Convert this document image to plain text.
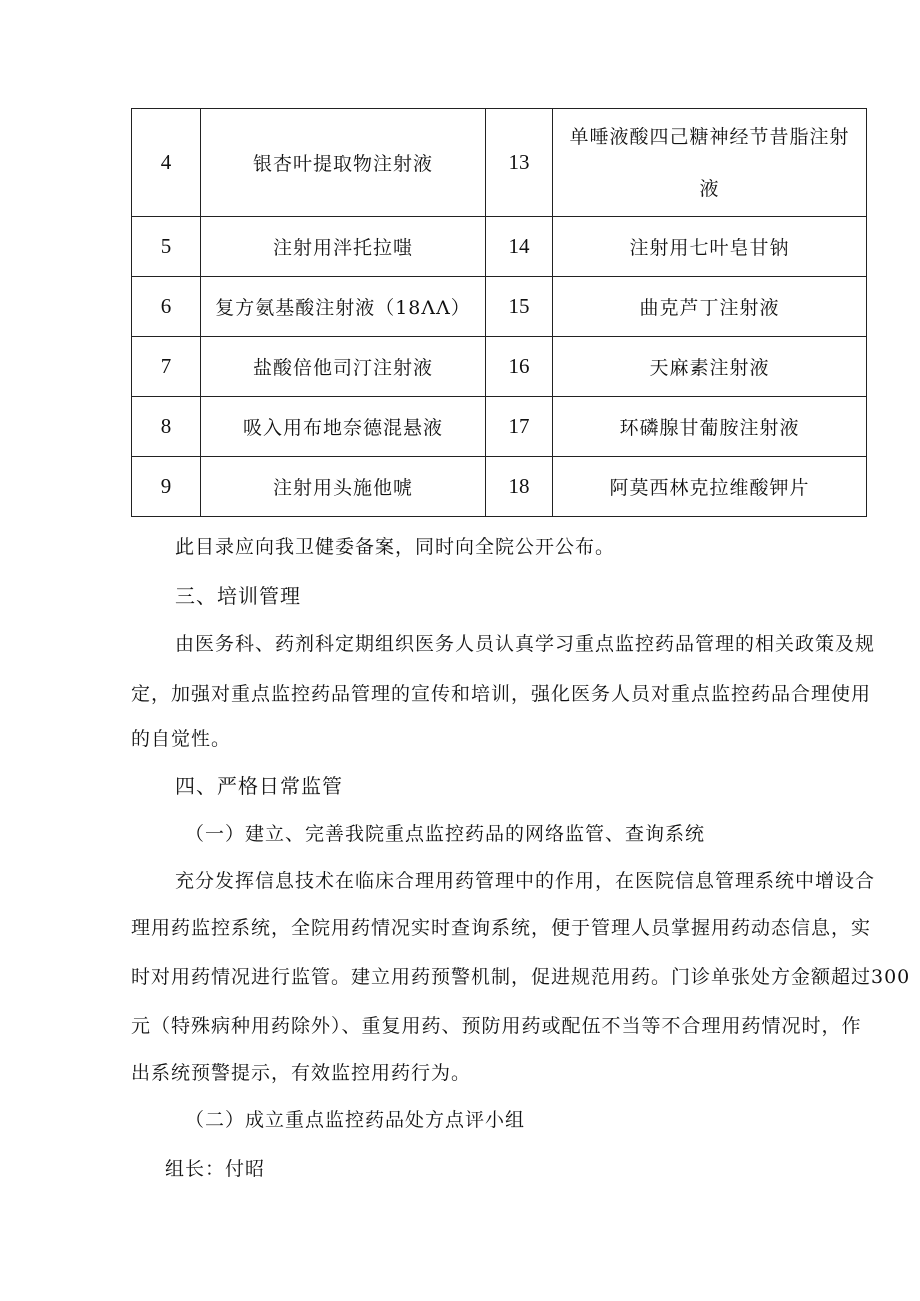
4	银杏叶提取物注射液	13	单唾液酸四己糖神经节昔脂注射液
5	注射用泮托拉嗤	14	注射用七叶皂甘钠
6	复方氨基酸注射液（18ΛΛ）	15	曲克芦丁注射液
7	盐酸倍他司汀注射液	16	天麻素注射液
8	吸入用布地奈德混悬液	17	环磷腺甘葡胺注射液
9	注射用头施他唬	18	阿莫西林克拉维酸钾片
此目录应向我卫健委备案，同时向全院公开公布。
三、培训管理
由医务科、药剂科定期组织医务人员认真学习重点监控药品管理的相关政策及规
定，加强对重点监控药品管理的宣传和培训，强化医务人员对重点监控药品合理使用
的自觉性。
四、严格日常监管
（一）建立、完善我院重点监控药品的网络监管、查询系统
充分发挥信息技术在临床合理用药管理中的作用，在医院信息管理系统中增设合
理用药监控系统，全院用药情况实时查询系统，便于管理人员掌握用药动态信息，实
时对用药情况进行监管。建立用药预警机制，促进规范用药。门诊单张处方金额超过300
元（特殊病种用药除外）、重复用药、预防用药或配伍不当等不合理用药情况时，作
出系统预警提示，有效监控用药行为。
（二）成立重点监控药品处方点评小组
组长：付昭
